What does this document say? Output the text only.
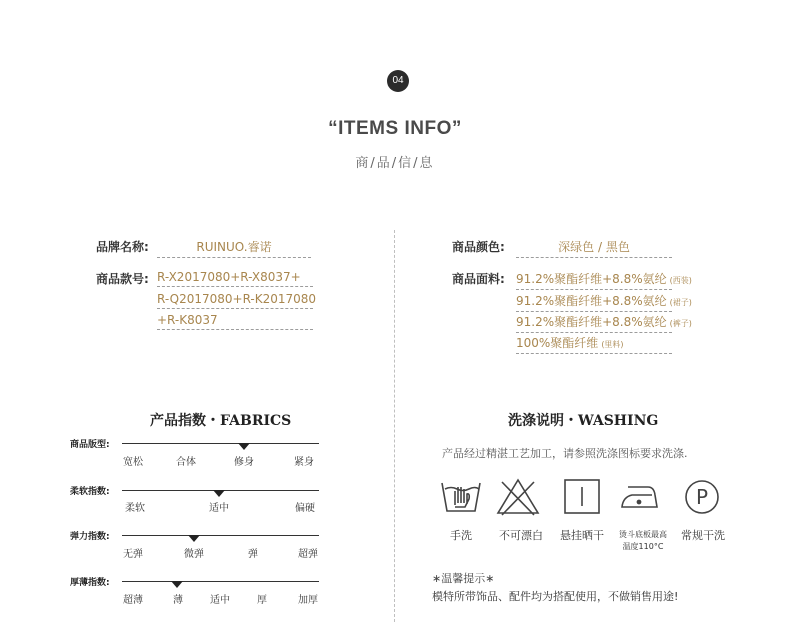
04
“ITEMS INFO”
商/品/信/息
品牌名称:	RUINUO.睿诺
商品款号: R-X2017080+R-X8037+
R-Q2017080+R-K2017080
+R-K8037
商品颜色:	深绿色 / 黑色
商品面料: 91.2%聚酯纤维+8.8%氨纶 (西装)
91.2%聚酯纤维+8.8%氨纶 (裙子)
91.2%聚酯纤维+8.8%氨纶 (裤子)
100%聚酯纤维 (里料)
产品指数・FABRICS
商品版型:
宽松	合体	修身	紧身
柔软指数:
柔软	适中	偏硬
弹力指数:
无弹	微弹	弹	超弹
厚薄指数:
超薄	薄	适中	厚	加厚
洗涤说明・WASHING
产品经过精湛工艺加工，请参照洗涤图标要求洗涤.
P
手洗 不可漂白 悬挂晒干 烫斗底板最高
温度110°C
常规干洗
∗温馨提示∗
模特所带饰品、配件均为搭配使用，不做销售用途!
